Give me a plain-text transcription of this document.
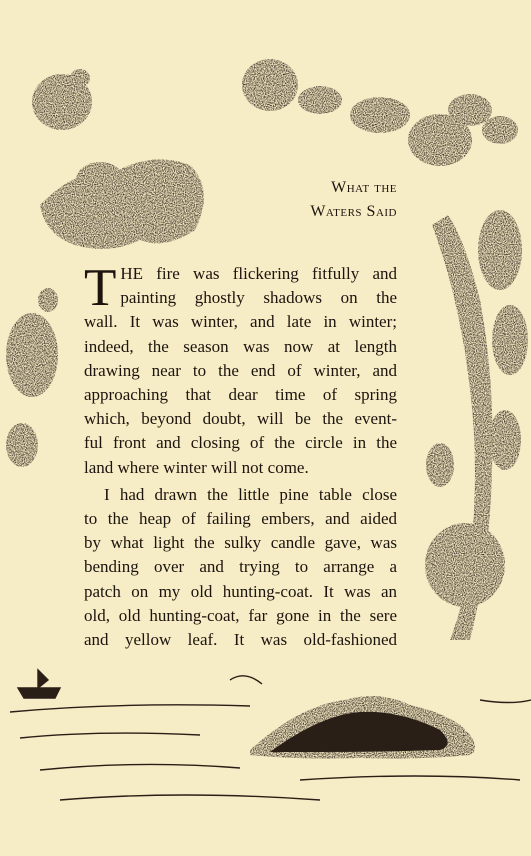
What the
Waters Said

T HE fire was flickering fitfully and
painting ghostly shadows on the
wall. It was winter, and late in winter;
indeed, the season was now at length
drawing near to the end of winter, and
approaching that dear time of spring
which, beyond doubt, will be the event-
ful front and closing of the circle in the
land where winter will not come.

I had drawn the little pine table close
to the heap of failing embers, and aided
by what light the sulky candle gave, was
bending over and trying to arrange a
patch on my old hunting-coat. It was an
old, old hunting-coat, far gone in the sere
and yellow leaf. It was old-fashioned
